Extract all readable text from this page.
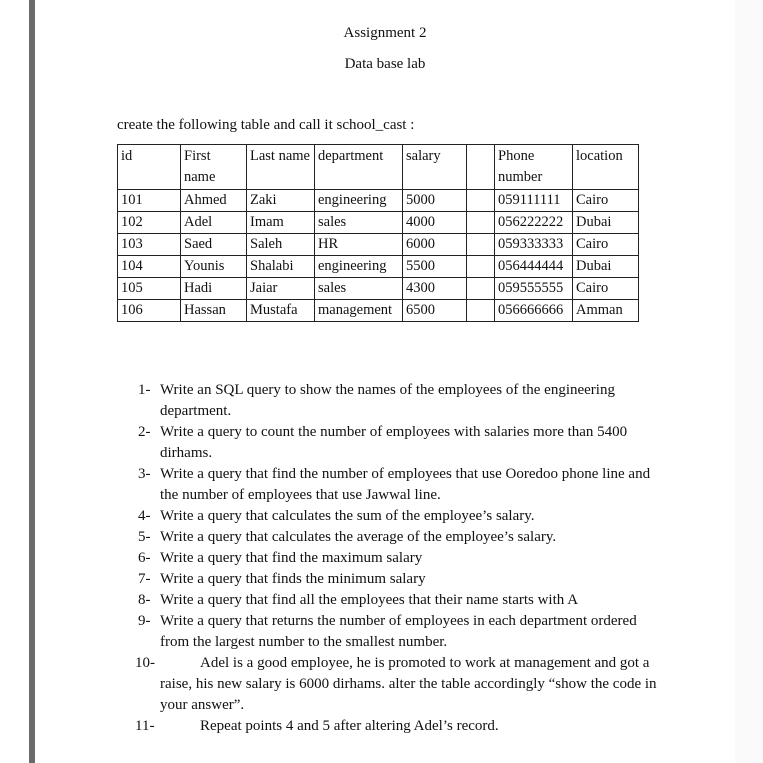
Assignment 2
Data base lab
create the following table and call it school_cast :
id	First name	Last name	department	salary		Phone number	location
101	Ahmed	Zaki	engineering	5000		059111111	Cairo
102	Adel	Imam	sales	4000		056222222	Dubai
103	Saed	Saleh	HR	6000		059333333	Cairo
104	Younis	Shalabi	engineering	5500		056444444	Dubai
105	Hadi	Jaiar	sales	4300		059555555	Cairo
106	Hassan	Mustafa	management	6500		056666666	Amman
1- Write an SQL query to show the names of the employees of the engineering department.
2- Write a query to count the number of employees with salaries more than 5400 dirhams.
3- Write a query that find the number of employees that use Ooredoo phone line and the number of employees that use Jawwal line.
4- Write a query that calculates the sum of the employee’s salary.
5- Write a query that calculates the average of the employee’s salary.
6- Write a query that find the maximum salary
7- Write a query that finds the minimum salary
8- Write a query that find all the employees that their name starts with A
9- Write a query that returns the number of employees in each department ordered from the largest number to the smallest number.
10-	Adel is a good employee, he is promoted to work at management and got a raise, his new salary is 6000 dirhams. alter the table accordingly “show the code in your answer”.
11-	Repeat points 4 and 5 after altering Adel’s record.
